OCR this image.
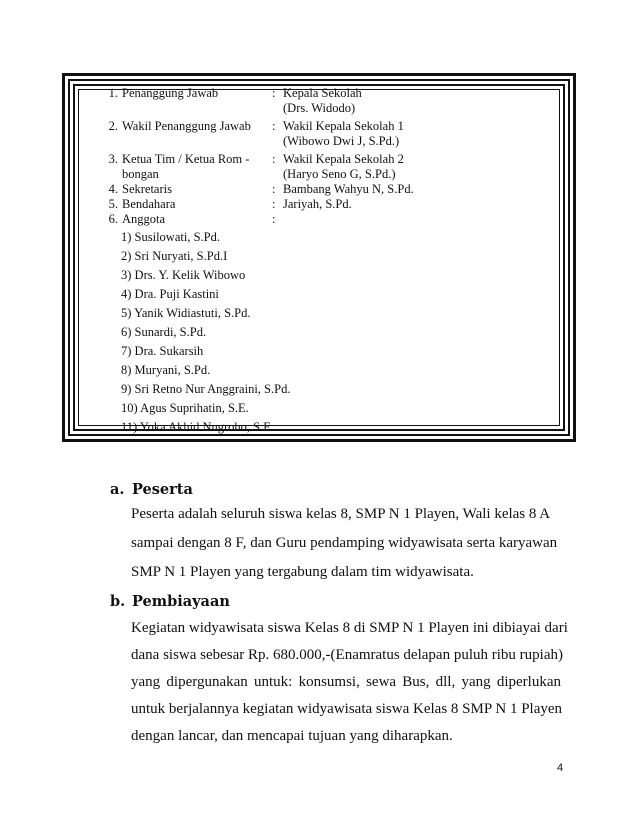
1. Penanggung Jawab	: Kepala Sekolah
(Drs. Widodo)
2. Wakil Penanggung Jawab : Wakil Kepala Sekolah 1
(Wibowo Dwi J, S.Pd.)
3. Ketua Tim / Ketua Rom - : Wakil Kepala Sekolah 2
bongan	(Haryo Seno G, S.Pd.)
4. Sekretaris	: Bambang Wahyu N, S.Pd.
5. Bendahara	: Jariyah, S.Pd.
6. Anggota	:
1) Susilowati, S.Pd.
2) Sri Nuryati, S.Pd.I
3) Drs. Y. Kelik Wibowo
4) Dra. Puji Kastini
5) Yanik Widiastuti, S.Pd.
6) Sunardi, S.Pd.
7) Dra. Sukarsih
8) Muryani, S.Pd.
9) Sri Retno Nur Anggraini, S.Pd.
10) Agus Suprihatin, S.E.
11) Yoka Akhid Nugroho, S.E.
a. Peserta
Peserta adalah seluruh siswa kelas 8, SMP N 1 Playen, Wali kelas 8 A
sampai dengan 8 F, dan Guru pendamping widyawisata serta karyawan
SMP N 1 Playen yang tergabung dalam tim widyawisata.
b. Pembiayaan
Kegiatan widyawisata siswa Kelas 8 di SMP N 1 Playen ini dibiayai dari
dana siswa sebesar Rp. 680.000,-(Enamratus delapan puluh ribu rupiah)
yang dipergunakan untuk: konsumsi, sewa Bus, dll, yang diperlukan
untuk berjalannya kegiatan widyawisata siswa Kelas 8 SMP N 1 Playen
dengan lancar, dan mencapai tujuan yang diharapkan.
4
